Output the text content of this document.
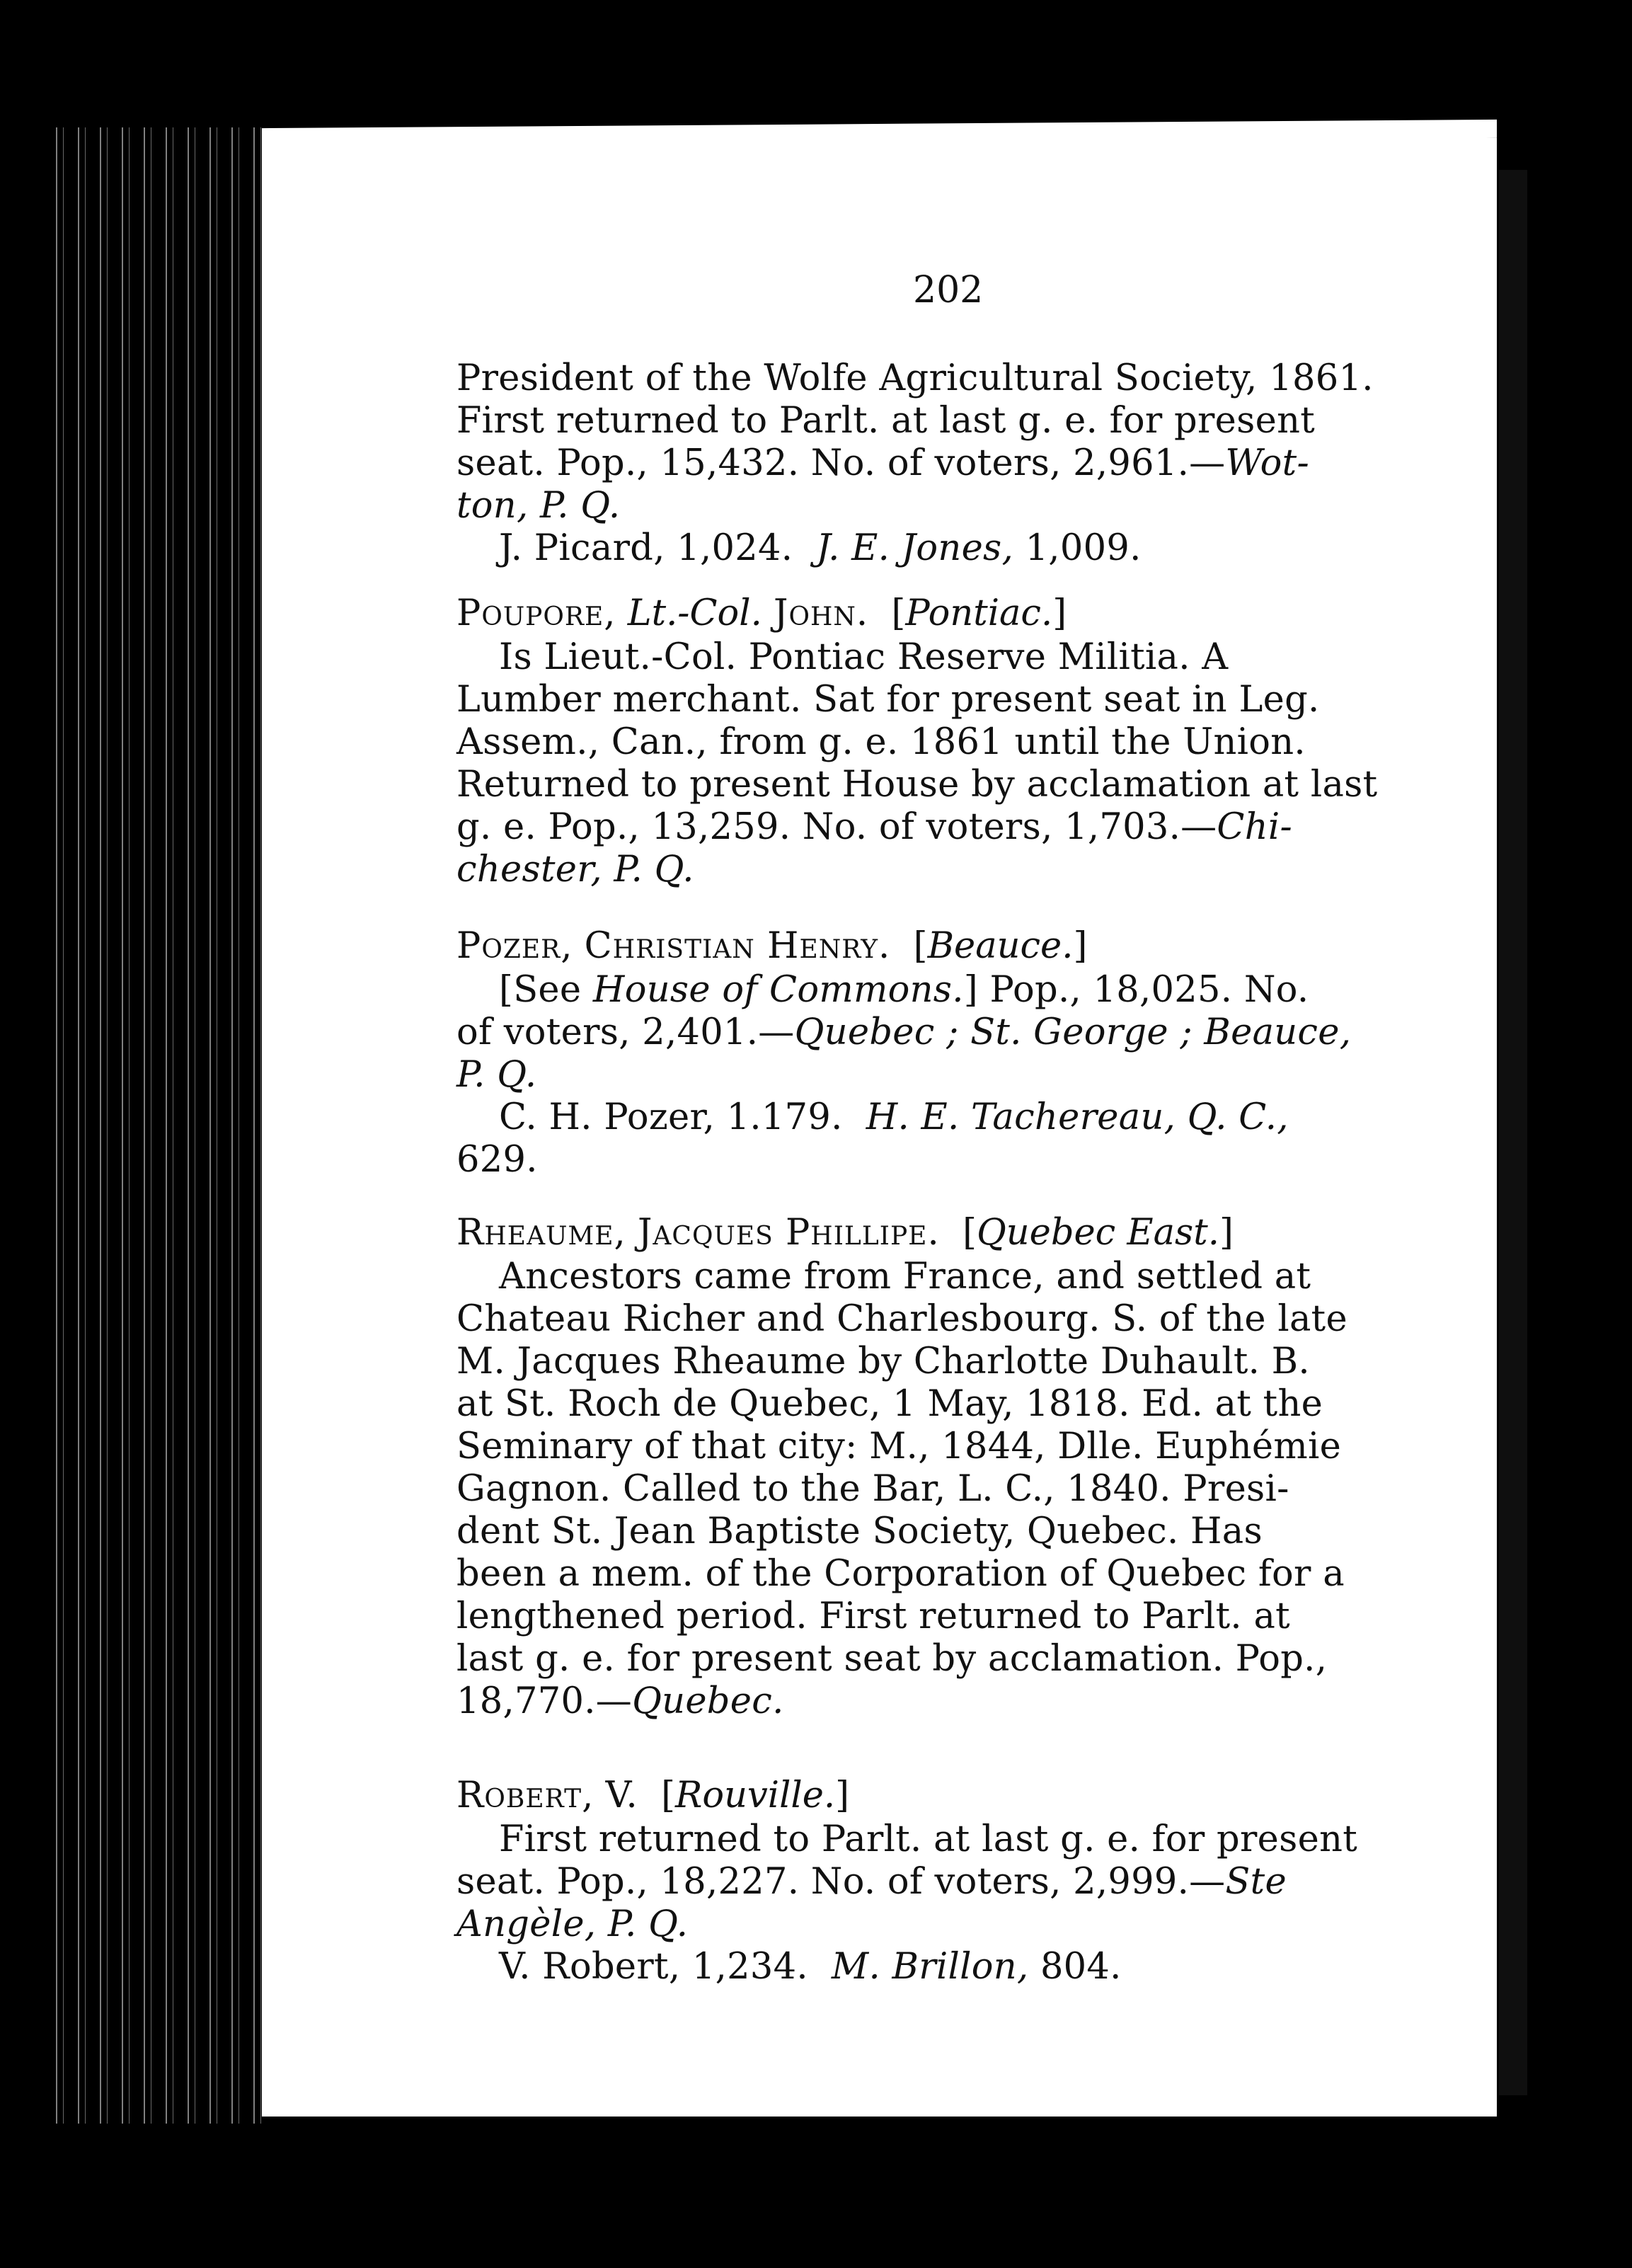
202
President of the Wolfe Agricultural Society, 1861.
First returned to Parlt. at last g. e. for present
seat. Pop., 15,432. No. of voters, 2,961.—Wot-
ton, P. Q.
J. Picard, 1,024. J. E. Jones, 1,009.
Poupore, Lt.-Col. John.  [Pontiac.]
Is Lieut.-Col. Pontiac Reserve Militia. A
Lumber merchant. Sat for present seat in Leg.
Assem., Can., from g. e. 1861 until the Union.
Returned to present House by acclamation at last
g. e. Pop., 13,259. No. of voters, 1,703.—Chi-
chester, P. Q.
Pozer, Christian Henry.  [Beauce.]
[See House of Commons.] Pop., 18,025. No.
of voters, 2,401.—Quebec ; St. George ; Beauce,
P. Q.
C. H. Pozer, 1.179. H. E. Tachereau, Q. C.,
629.
Rheaume, Jacques Phillipe.  [Quebec East.]
Ancestors came from France, and settled at
Chateau Richer and Charlesbourg. S. of the late
M. Jacques Rheaume by Charlotte Duhault. B.
at St. Roch de Quebec, 1 May, 1818. Ed. at the
Seminary of that city: M., 1844, Dlle. Euphémie
Gagnon. Called to the Bar, L. C., 1840. Presi-
dent St. Jean Baptiste Society, Quebec. Has
been a mem. of the Corporation of Quebec for a
lengthened period. First returned to Parlt. at
last g. e. for present seat by acclamation. Pop.,
18,770.—Quebec.
Robert, V.  [Rouville.]
First returned to Parlt. at last g. e. for present
seat. Pop., 18,227. No. of voters, 2,999.—Ste
Angèle, P. Q.
V. Robert, 1,234. M. Brillon, 804.
